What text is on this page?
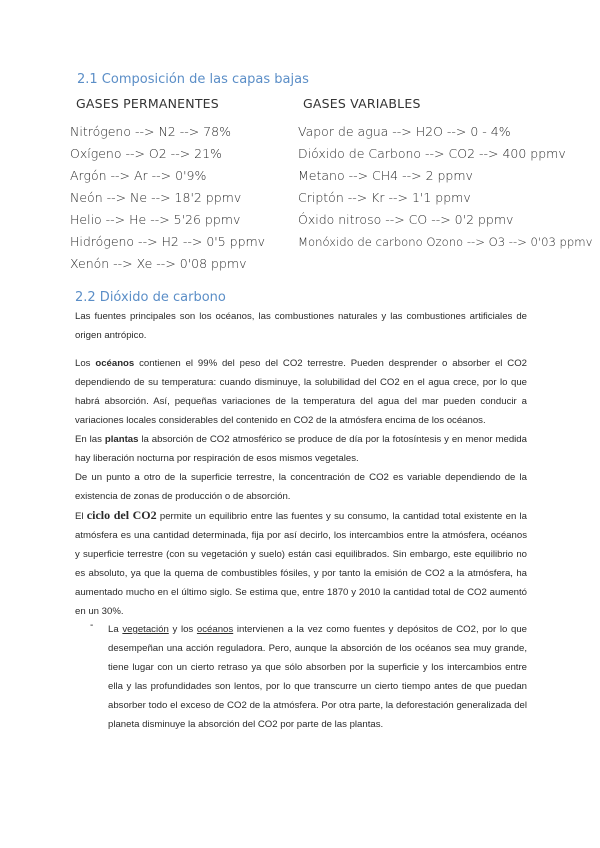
2.1 Composición de las capas bajas
GASES PERMANENTES	GASES VARIABLES
Nitrógeno --> N2 --> 78%
Oxígeno --> O2 --> 21%
Argón --> Ar --> 0'9%
Neón --> Ne --> 18'2 ppmv
Helio --> He --> 5'26 ppmv
Hidrógeno --> H2 --> 0'5 ppmv
Xenón --> Xe --> 0'08 ppmv
Vapor de agua --> H2O --> 0 - 4%
Dióxido de Carbono --> CO2 --> 400 ppmv
Metano --> CH4 --> 2 ppmv
Criptón --> Kr --> 1'1 ppmv
Óxido nitroso --> CO --> 0'2 ppmv
Monóxido de carbono Ozono --> O3 --> 0'03 ppmv
2.2 Dióxido de carbono
Las fuentes principales son los océanos, las combustiones naturales y las combustiones artificiales de origen antrópico.
Los océanos contienen el 99% del peso del CO2 terrestre. Pueden desprender o absorber el CO2 dependiendo de su temperatura: cuando disminuye, la solubilidad del CO2 en el agua crece, por lo que habrá absorción. Así, pequeñas variaciones de la temperatura del agua del mar pueden conducir a variaciones locales considerables del contenido en CO2 de la atmósfera encima de los océanos.
En las plantas la absorción de CO2 atmosférico se produce de día por la fotosíntesis y en menor medida hay liberación nocturna por respiración de esos mismos vegetales.
De un punto a otro de la superficie terrestre, la concentración de CO2 es variable dependiendo de la existencia de zonas de producción o de absorción.
El ciclo del CO2 permite un equilibrio entre las fuentes y su consumo, la cantidad total existente en la atmósfera es una cantidad determinada, fija por así decirlo, los intercambios entre la atmósfera, océanos y superficie terrestre (con su vegetación y suelo) están casi equilibrados. Sin embargo, este equilibrio no es absoluto, ya que la quema de combustibles fósiles, y por tanto la emisión de CO2 a la atmósfera, ha aumentado mucho en el último siglo. Se estima que, entre 1870 y 2010 la cantidad total de CO2 aumentó en un 30%.
- La vegetación y los océanos intervienen a la vez como fuentes y depósitos de CO2, por lo que desempeñan una acción reguladora. Pero, aunque la absorción de los océanos sea muy grande, tiene lugar con un cierto retraso ya que sólo absorben por la superficie y los intercambios entre ella y las profundidades son lentos, por lo que transcurre un cierto tiempo antes de que puedan absorber todo el exceso de CO2 de la atmósfera. Por otra parte, la deforestación generalizada del planeta disminuye la absorción del CO2 por parte de las plantas.
